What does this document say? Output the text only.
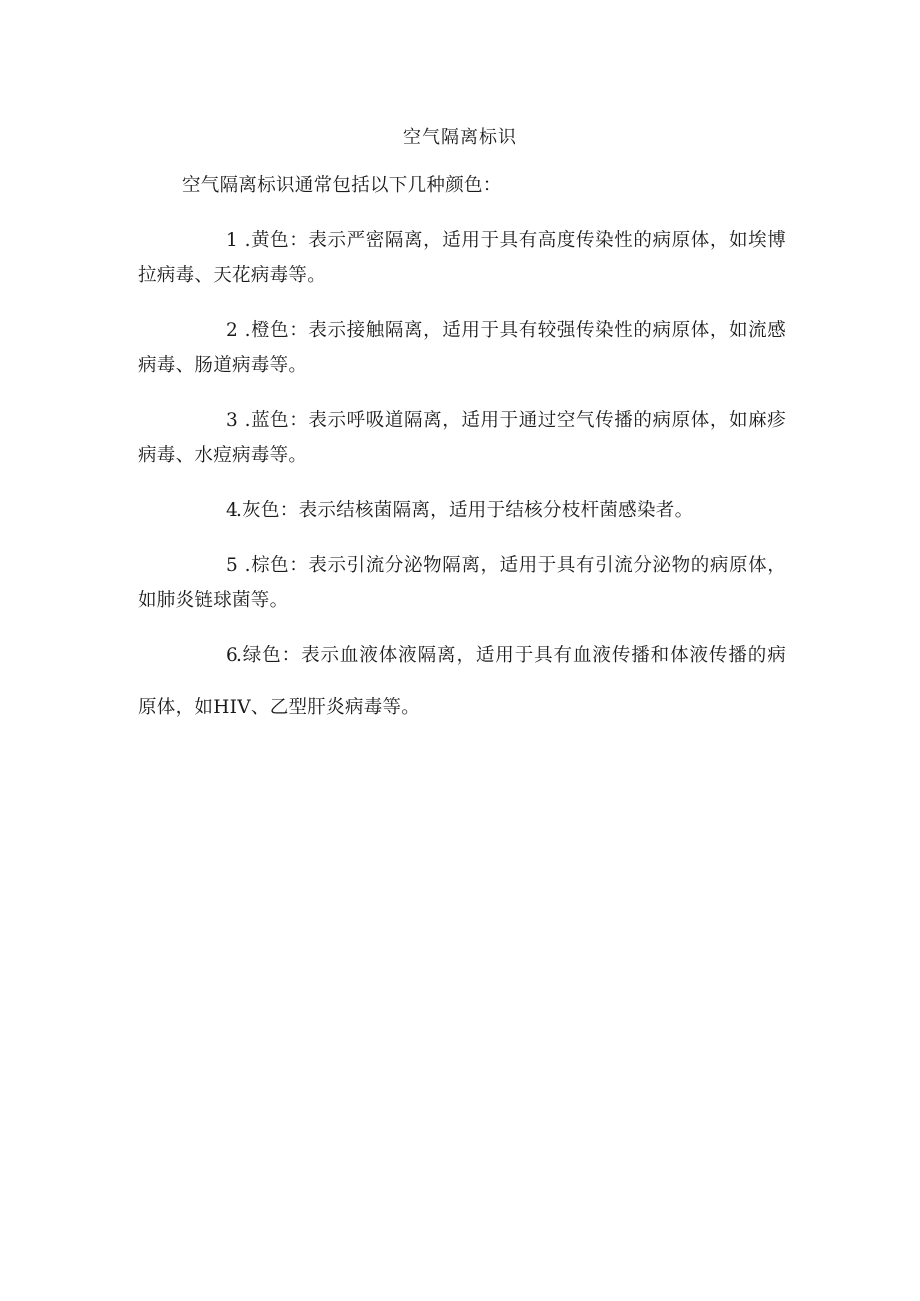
空气隔离标识

空气隔离标识通常包括以下几种颜色：

1 .黄色：表示严密隔离，适用于具有高度传染性的病原体，如埃博拉病毒、天花病毒等。

2 .橙色：表示接触隔离，适用于具有较强传染性的病原体，如流感病毒、肠道病毒等。

3 .蓝色：表示呼吸道隔离，适用于通过空气传播的病原体，如麻疹病毒、水痘病毒等。

4.灰色：表示结核菌隔离，适用于结核分枝杆菌感染者。

5 .棕色：表示引流分泌物隔离，适用于具有引流分泌物的病原体，如肺炎链球菌等。

6.绿色：表示血液体液隔离，适用于具有血液传播和体液传播的病原体，如HIV、乙型肝炎病毒等。
